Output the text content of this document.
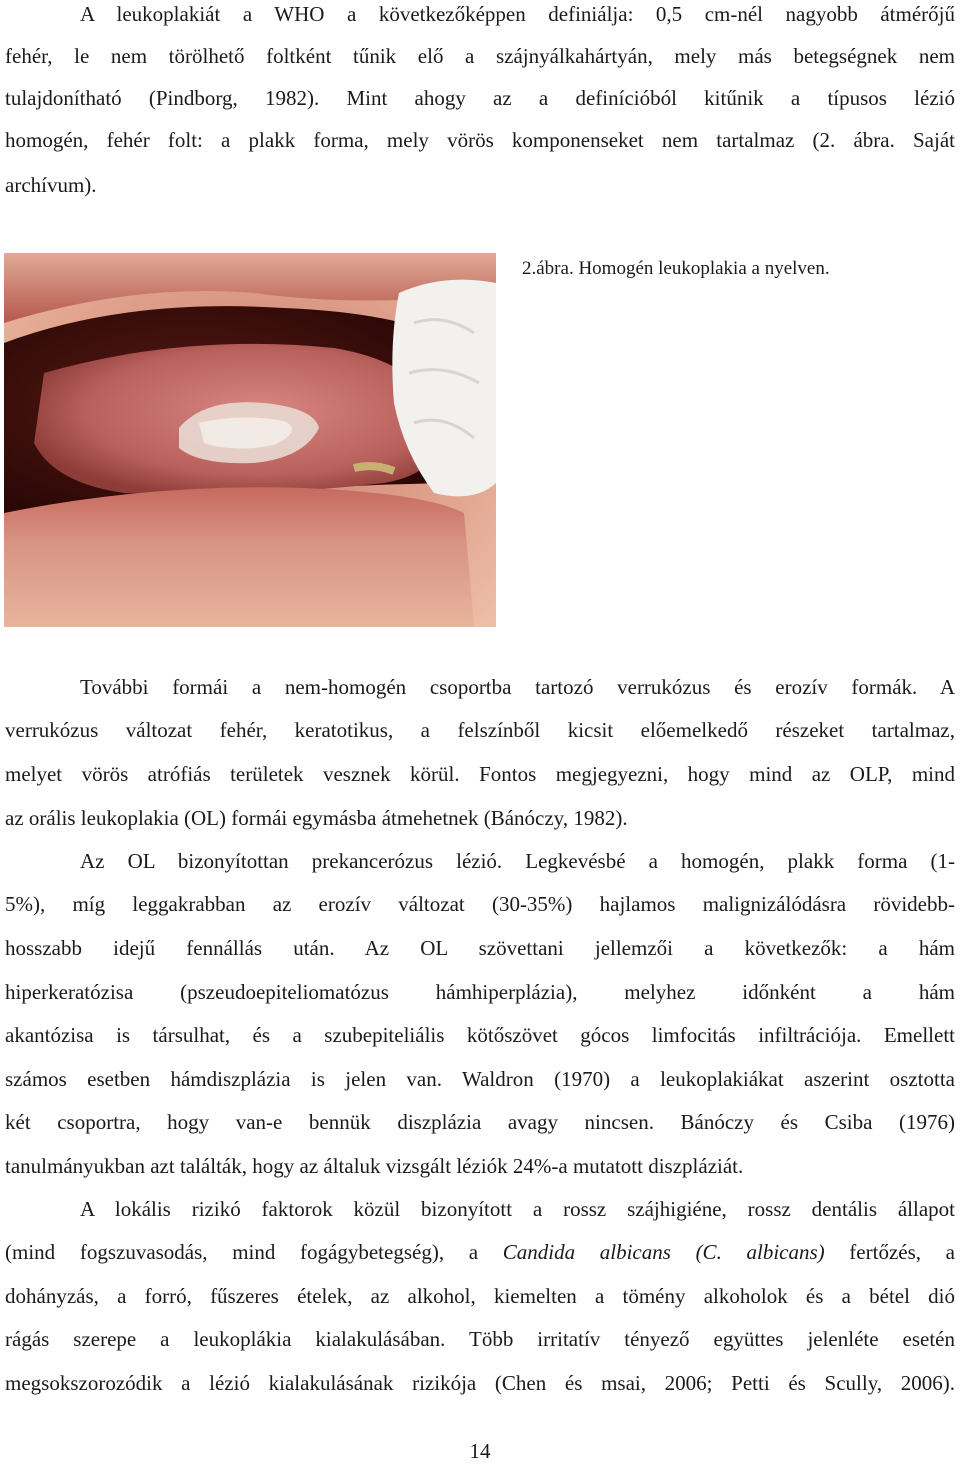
A leukoplakiát a WHO a következőképpen definiálja: 0,5 cm-nél nagyobb átmérőjű
fehér, le nem törölhető foltként tűnik elő a szájnyálkahártyán, mely más betegségnek nem
tulajdonítható (Pindborg, 1982). Mint ahogy az a definícióból kitűnik a típusos lézió
homogén, fehér folt: a plakk forma, mely vörös komponenseket nem tartalmaz (2. ábra. Saját
archívum).
2.ábra. Homogén leukoplakia a nyelven.
További formái a nem-homogén csoportba tartozó verrukózus és erozív formák. A
verrukózus változat fehér, keratotikus, a felszínből kicsit előemelkedő részeket tartalmaz,
melyet vörös atrófiás területek vesznek körül. Fontos megjegyezni, hogy mind az OLP, mind
az orális leukoplakia (OL) formái egymásba átmehetnek (Bánóczy, 1982).
Az OL bizonyítottan prekancerózus lézió. Legkevésbé a homogén, plakk forma (1-
5%), míg leggakrabban az erozív változat (30-35%) hajlamos malignizálódásra rövidebb-
hosszabb idejű fennállás után. Az OL szövettani jellemzői a következők: a hám
hiperkeratózisa (pszeudoepiteliomatózus hámhiperplázia), melyhez időnként a hám
akantózisa is társulhat, és a szubepiteliális kötőszövet gócos limfocitás infiltrációja. Emellett
számos esetben hámdiszplázia is jelen van. Waldron (1970) a leukoplakiákat aszerint osztotta
két csoportra, hogy van-e bennük diszplázia avagy nincsen. Bánóczy és Csiba (1976)
tanulmányukban azt találták, hogy az általuk vizsgált léziók 24%-a mutatott diszpláziát.
A lokális rizikó faktorok közül bizonyított a rossz szájhigiéne, rossz dentális állapot
(mind fogszuvasodás, mind fogágybetegség), a Candida albicans (C. albicans) fertőzés, a
dohányzás, a forró, fűszeres ételek, az alkohol, kiemelten a tömény alkoholok és a bétel dió
rágás szerepe a leukoplákia kialakulásában. Több irritatív tényező együttes jelenléte esetén
megsokszorozódik a lézió kialakulásának rizikója (Chen és msai, 2006; Petti és Scully, 2006).
14
